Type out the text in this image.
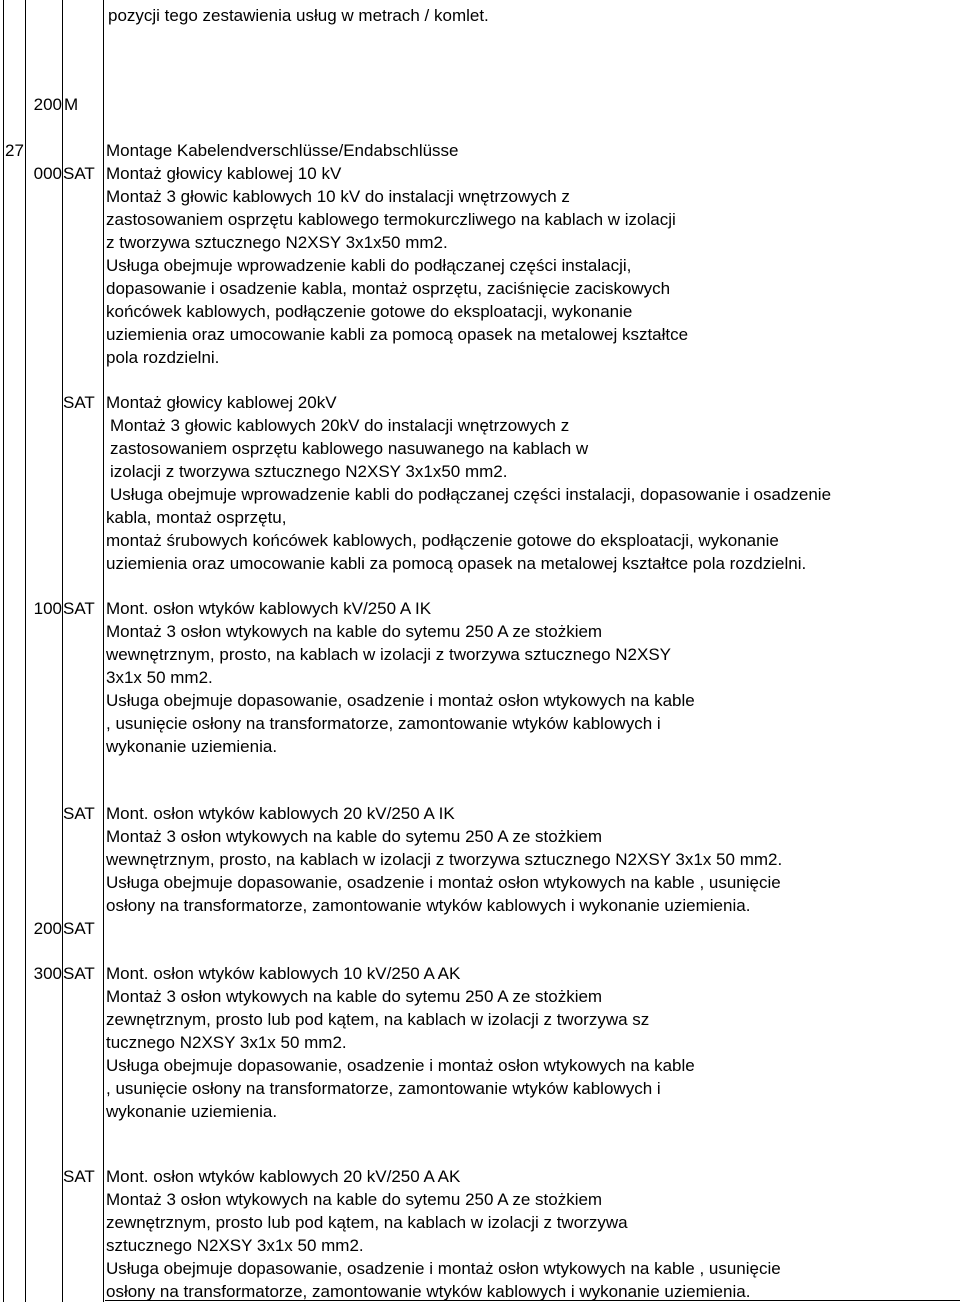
pozycji tego zestawienia usług w metrach / komlet.
200 M
27	Montage Kabelendverschlüsse/Endabschlüsse
000 SAT Montaż głowicy kablowej 10 kV
Montaż 3 głowic kablowych 10 kV do instalacji wnętrzowych z
zastosowaniem osprzętu kablowego termokurczliwego na kablach w izolacji
z tworzywa sztucznego N2XSY 3x1x50 mm2.
Usługa obejmuje wprowadzenie kabli do podłączanej części instalacji,
dopasowanie i osadzenie kabla, montaż osprzętu, zaciśnięcie zaciskowych
końcówek kablowych, podłączenie gotowe do eksploatacji, wykonanie
uziemienia oraz umocowanie kabli za pomocą opasek na metalowej kształtce
pola rozdzielni.
SAT Montaż głowicy kablowej 20kV
Montaż 3 głowic kablowych 20kV do instalacji wnętrzowych z
zastosowaniem osprzętu kablowego nasuwanego na kablach w
izolacji z tworzywa sztucznego N2XSY 3x1x50 mm2.
Usługa obejmuje wprowadzenie kabli do podłączanej części instalacji, dopasowanie i osadzenie
kabla, montaż osprzętu,
montaż śrubowych końcówek kablowych, podłączenie gotowe do eksploatacji, wykonanie
uziemienia oraz umocowanie kabli za pomocą opasek na metalowej kształtce pola rozdzielni.
100 SAT Mont. osłon wtyków kablowych kV/250 A IK
Montaż 3 osłon wtykowych na kable do sytemu 250 A ze stożkiem
wewnętrznym, prosto, na kablach w izolacji z tworzywa sztucznego N2XSY
3x1x 50 mm2.
Usługa obejmuje dopasowanie, osadzenie i montaż osłon wtykowych na kable
, usunięcie osłony na transformatorze, zamontowanie wtyków kablowych i
wykonanie uziemienia.
SAT Mont. osłon wtyków kablowych 20 kV/250 A IK
Montaż 3 osłon wtykowych na kable do sytemu 250 A ze stożkiem
wewnętrznym, prosto, na kablach w izolacji z tworzywa sztucznego N2XSY 3x1x 50 mm2.
Usługa obejmuje dopasowanie, osadzenie i montaż osłon wtykowych na kable , usunięcie
osłony na transformatorze, zamontowanie wtyków kablowych i wykonanie uziemienia.
200 SAT
300 SAT Mont. osłon wtyków kablowych 10 kV/250 A AK
Montaż 3 osłon wtykowych na kable do sytemu 250 A ze stożkiem
zewnętrznym, prosto lub pod kątem, na kablach w izolacji z tworzywa sz
tucznego N2XSY 3x1x 50 mm2.
Usługa obejmuje dopasowanie, osadzenie i montaż osłon wtykowych na kable
, usunięcie osłony na transformatorze, zamontowanie wtyków kablowych i
wykonanie uziemienia.
SAT Mont. osłon wtyków kablowych 20 kV/250 A AK
Montaż 3 osłon wtykowych na kable do sytemu 250 A ze stożkiem
zewnętrznym, prosto lub pod kątem, na kablach w izolacji z tworzywa
sztucznego N2XSY 3x1x 50 mm2.
Usługa obejmuje dopasowanie, osadzenie i montaż osłon wtykowych na kable , usunięcie
osłony na transformatorze, zamontowanie wtyków kablowych i wykonanie uziemienia.
